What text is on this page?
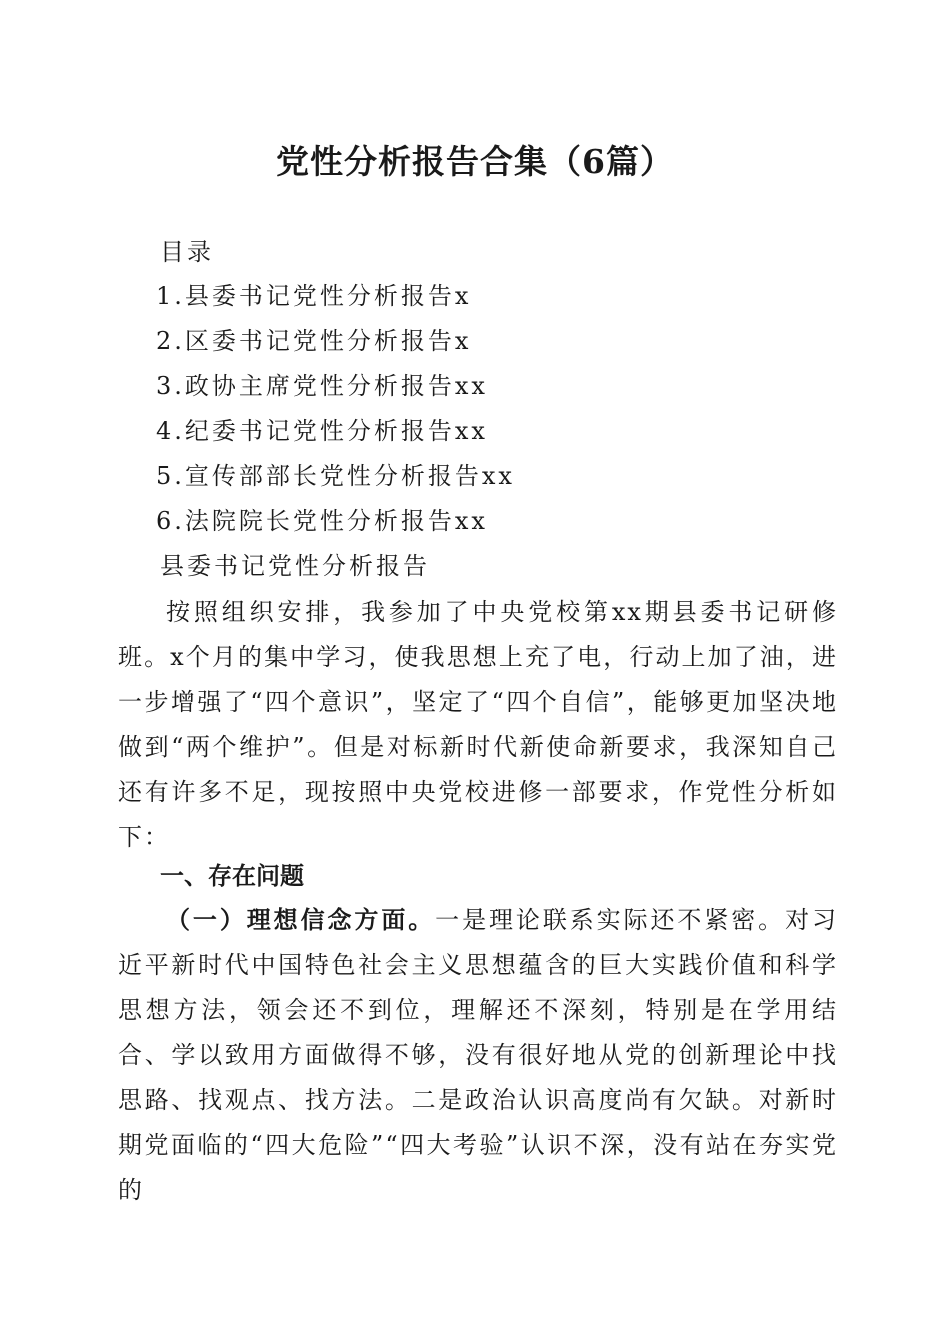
党性分析报告合集（6篇）
目录
1.县委书记党性分析报告x
2.区委书记党性分析报告x
3.政协主席党性分析报告xx
4.纪委书记党性分析报告xx
5.宣传部部长党性分析报告xx
6.法院院长党性分析报告xx
县委书记党性分析报告

按照组织安排，我参加了中央党校第xx期县委书记研修班。x个月的集中学习，使我思想上充了电，行动上加了油，进一步增强了“四个意识”，坚定了“四个自信”，能够更加坚决地做到“两个维护”。但是对标新时代新使命新要求，我深知自己还有许多不足，现按照中央党校进修一部要求，作党性分析如下：

一、存在问题

（一）理想信念方面。一是理论联系实际还不紧密。对习近平新时代中国特色社会主义思想蕴含的巨大实践价值和科学思想方法，领会还不到位，理解还不深刻，特别是在学用结合、学以致用方面做得不够，没有很好地从党的创新理论中找思路、找观点、找方法。二是政治认识高度尚有欠缺。对新时期党面临的“四大危险”“四大考验”认识不深，没有站在夯实党的
